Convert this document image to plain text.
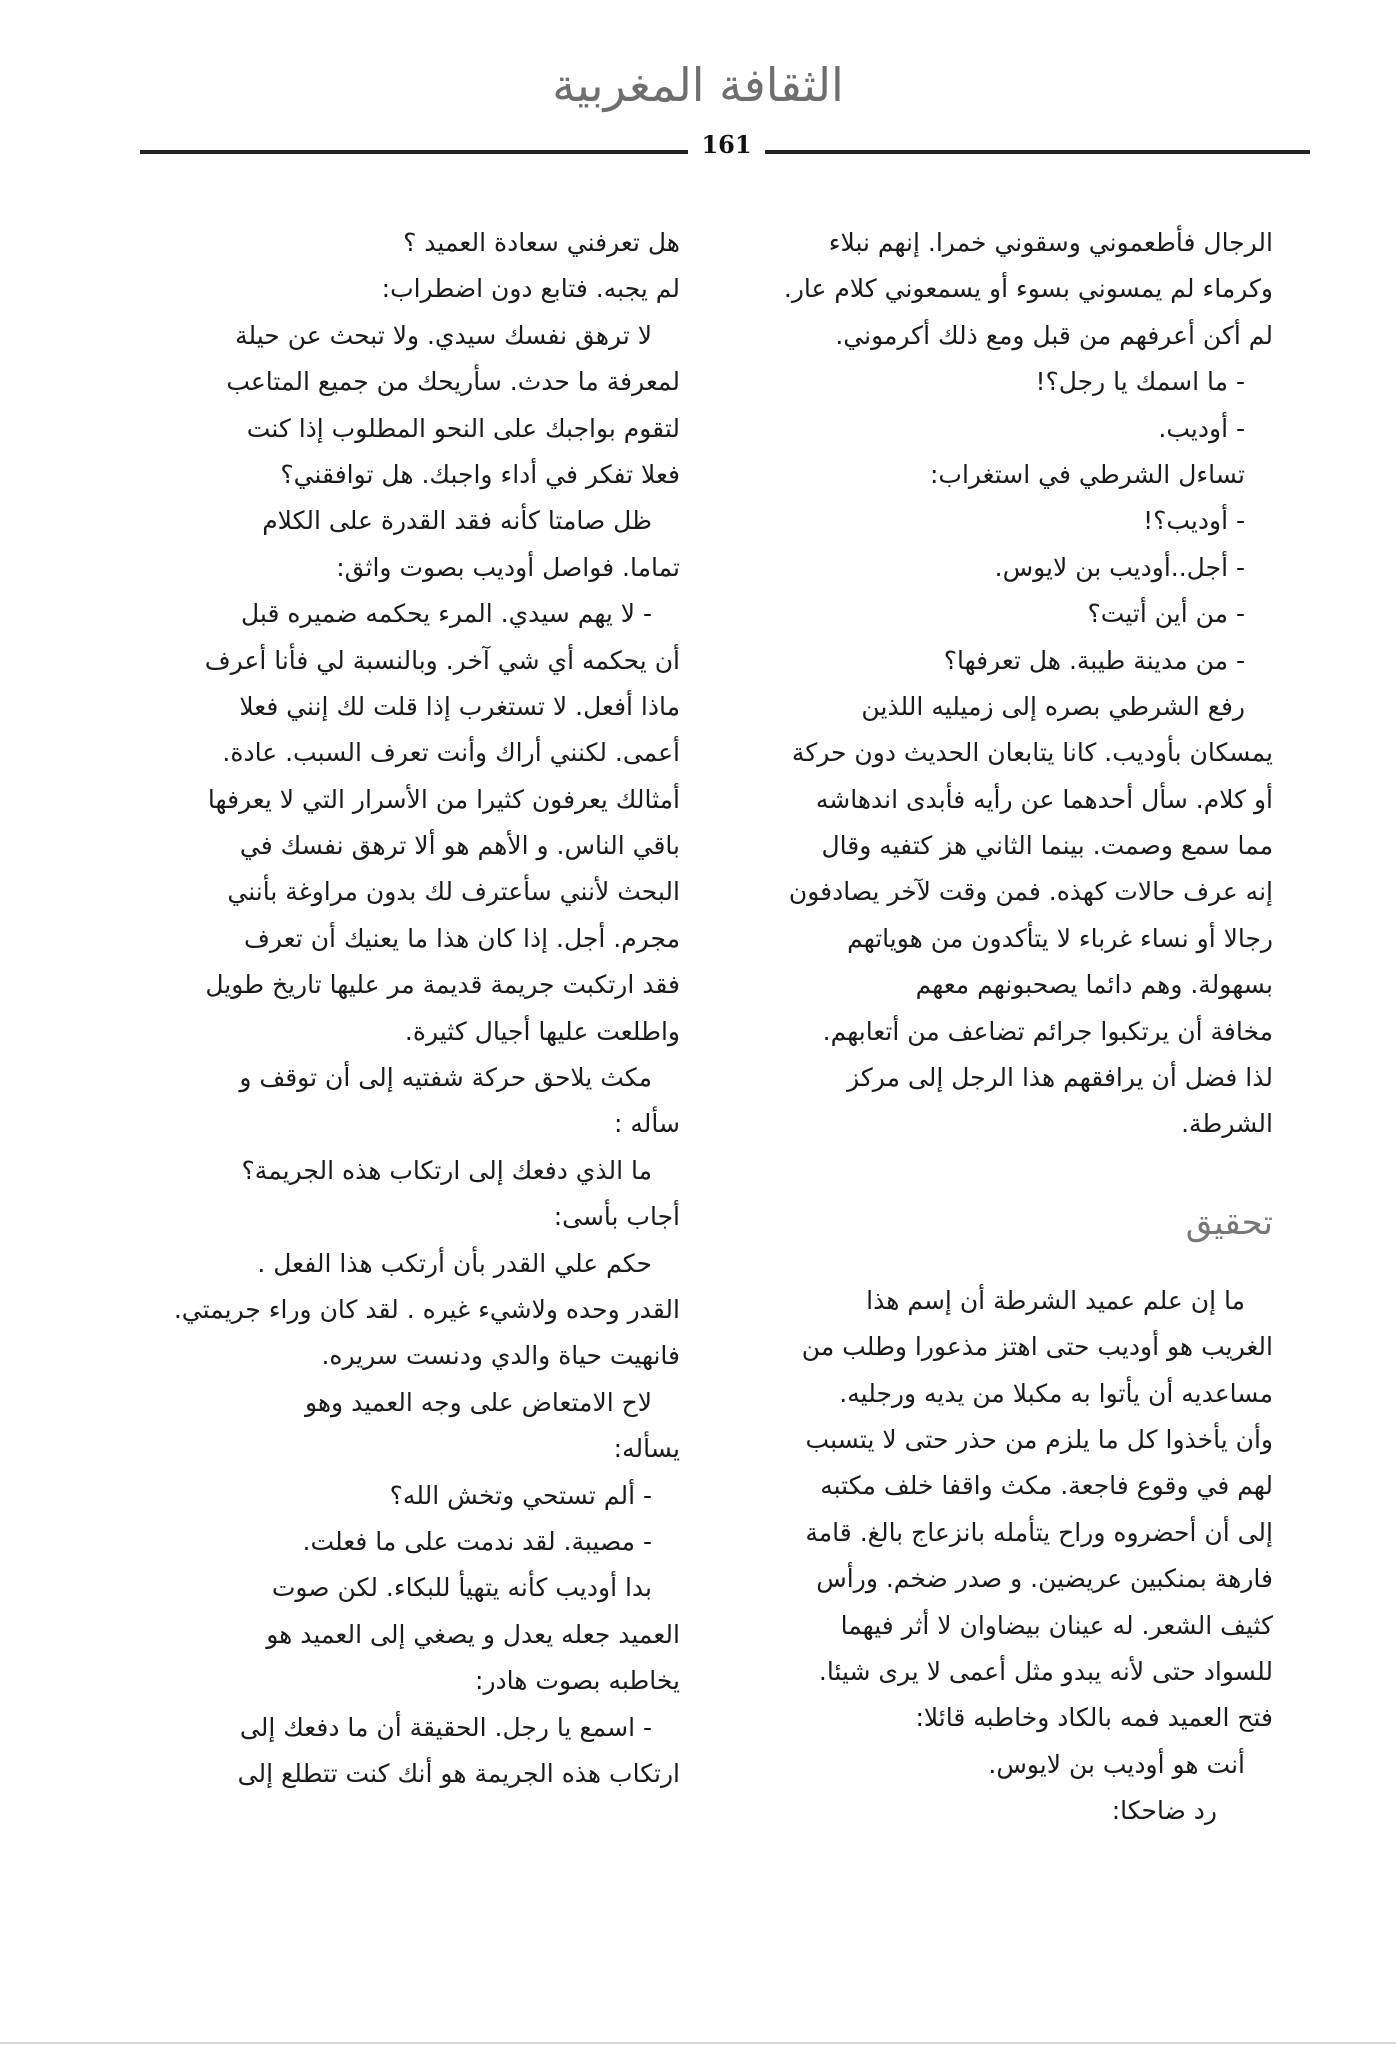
الثقافة المغربية
161
الرجال فأطعموني وسقوني خمرا. إنهم نبلاء
وكرماء لم يمسوني بسوء أو يسمعوني كلام عار.
لم أكن أعرفهم من قبل ومع ذلك أكرموني.
- ما اسمك يا رجل؟!
- أوديب.
تساءل الشرطي في استغراب:
- أوديب؟!
- أجل..أوديب بن لايوس.
- من أين أتيت؟
- من مدينة طيبة. هل تعرفها؟
رفع الشرطي بصره إلى زميليه اللذين
يمسكان بأوديب. كانا يتابعان الحديث دون حركة
أو كلام. سأل أحدهما عن رأيه فأبدى اندهاشه
مما سمع وصمت. بينما الثاني هز كتفيه وقال
إنه عرف حالات كهذه. فمن وقت لآخر يصادفون
رجالا أو نساء غرباء لا يتأكدون من هوياتهم
بسهولة. وهم دائما يصحبونهم معهم
مخافة أن يرتكبوا جرائم تضاعف من أتعابهم.
لذا فضل أن يرافقهم هذا الرجل إلى مركز
الشرطة.
تحقيق
ما إن علم عميد الشرطة أن إسم هذا
الغريب هو أوديب حتى اهتز مذعورا وطلب من
مساعديه أن يأتوا به مكبلا من يديه ورجليه.
وأن يأخذوا كل ما يلزم من حذر حتى لا يتسبب
لهم في وقوع فاجعة. مكث واقفا خلف مكتبه
إلى أن أحضروه وراح يتأمله بانزعاج بالغ. قامة
فارهة بمنكبين عريضين. و صدر ضخم. ورأس
كثيف الشعر. له عينان بيضاوان لا أثر فيهما
للسواد حتى لأنه يبدو مثل أعمى لا يرى شيئا.
فتح العميد فمه بالكاد وخاطبه قائلا:
أنت هو أوديب بن لايوس.
رد ضاحكا:
هل تعرفني سعادة العميد ؟
لم يجبه. فتابع دون اضطراب:
لا ترهق نفسك سيدي. ولا تبحث عن حيلة
لمعرفة ما حدث. سأريحك من جميع المتاعب
لتقوم بواجبك على النحو المطلوب إذا كنت
فعلا تفكر في أداء واجبك. هل توافقني؟
ظل صامتا كأنه فقد القدرة على الكلام
تماما. فواصل أوديب بصوت واثق:
- لا يهم سيدي. المرء يحكمه ضميره قبل
أن يحكمه أي شي آخر. وبالنسبة لي فأنا أعرف
ماذا أفعل. لا تستغرب إذا قلت لك إنني فعلا
أعمى. لكنني أراك وأنت تعرف السبب. عادة.
أمثالك يعرفون كثيرا من الأسرار التي لا يعرفها
باقي الناس. و الأهم هو ألا ترهق نفسك في
البحث لأنني سأعترف لك بدون مراوغة بأنني
مجرم. أجل. إذا كان هذا ما يعنيك أن تعرف
فقد ارتكبت جريمة قديمة مر عليها تاريخ طويل
واطلعت عليها أجيال كثيرة.
مكث يلاحق حركة شفتيه إلى أن توقف و
سأله :
ما الذي دفعك إلى ارتكاب هذه الجريمة؟
أجاب بأسى:
حكم علي القدر بأن أرتكب هذا الفعل .
القدر وحده ولاشيء غيره . لقد كان وراء جريمتي.
فانهيت حياة والدي ودنست سريره.
لاح الامتعاض على وجه العميد وهو
يسأله:
- ألم تستحي وتخش الله؟
- مصيبة. لقد ندمت على ما فعلت.
بدا أوديب كأنه يتهيأ للبكاء. لكن صوت
العميد جعله يعدل و يصغي إلى العميد هو
يخاطبه بصوت هادر:
- اسمع يا رجل. الحقيقة أن ما دفعك إلى
ارتكاب هذه الجريمة هو أنك كنت تتطلع إلى
